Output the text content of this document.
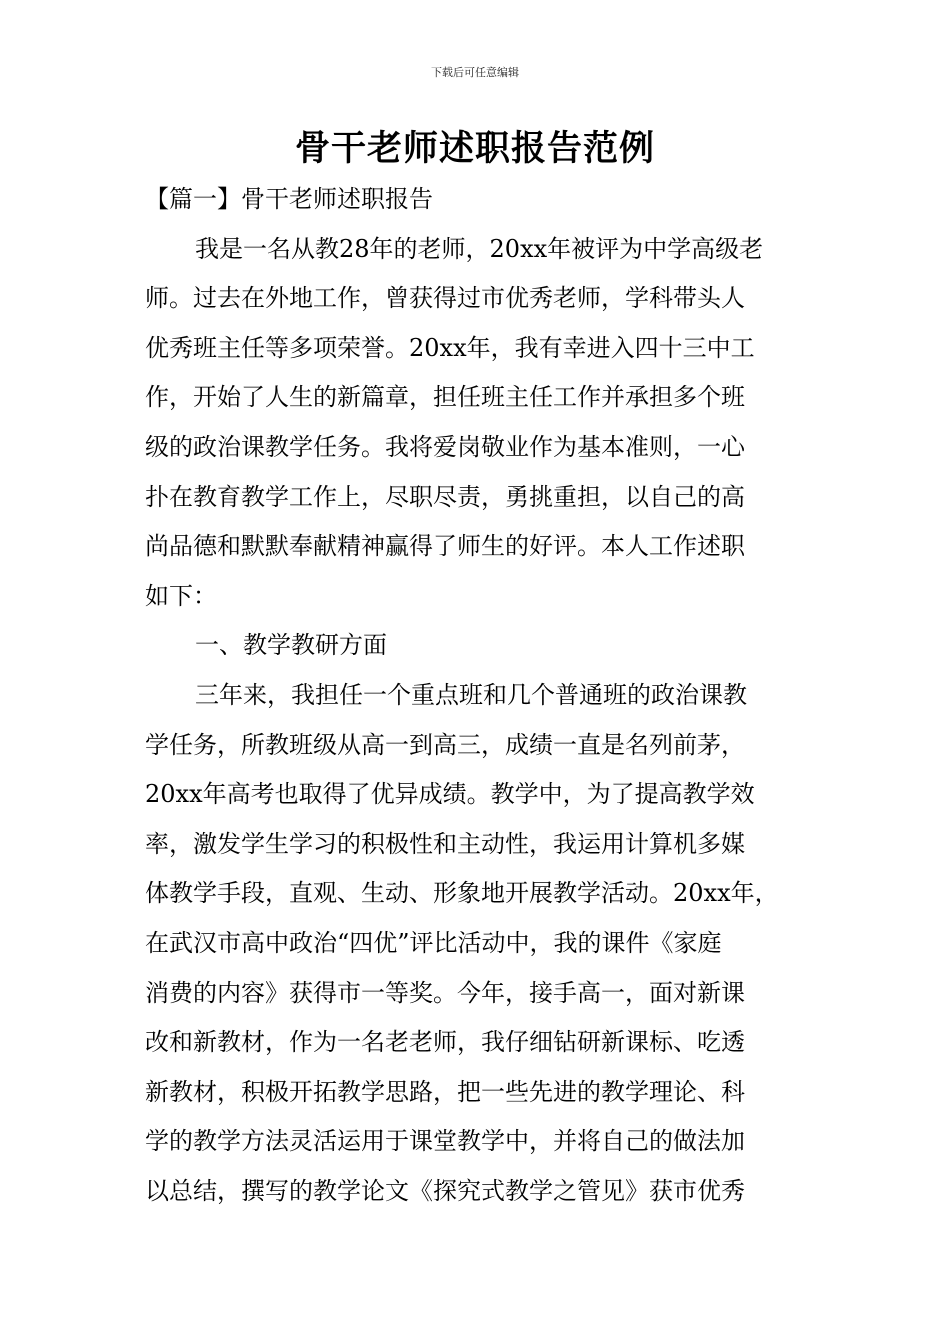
下载后可任意编辑
骨干老师述职报告范例
【篇一】骨干老师述职报告
我是一名从教28年的老师，20xx年被评为中学高级老
师。过去在外地工作，曾获得过市优秀老师，学科带头人
优秀班主任等多项荣誉。20xx年，我有幸进入四十三中工
作，开始了人生的新篇章，担任班主任工作并承担多个班
级的政治课教学任务。我将爱岗敬业作为基本准则，一心
扑在教育教学工作上，尽职尽责，勇挑重担，以自己的高
尚品德和默默奉献精神赢得了师生的好评。本人工作述职
如下：
一、教学教研方面
三年来，我担任一个重点班和几个普通班的政治课教
学任务，所教班级从高一到高三，成绩一直是名列前茅，
20xx年高考也取得了优异成绩。教学中，为了提高教学效
率，激发学生学习的积极性和主动性，我运用计算机多媒
体教学手段，直观、生动、形象地开展教学活动。20xx年，
在武汉市高中政治“四优”评比活动中，我的课件《家庭
消费的内容》获得市一等奖。今年，接手高一，面对新课
改和新教材，作为一名老老师，我仔细钻研新课标、吃透
新教材，积极开拓教学思路，把一些先进的教学理论、科
学的教学方法灵活运用于课堂教学中，并将自己的做法加
以总结，撰写的教学论文《探究式教学之管见》获市优秀
